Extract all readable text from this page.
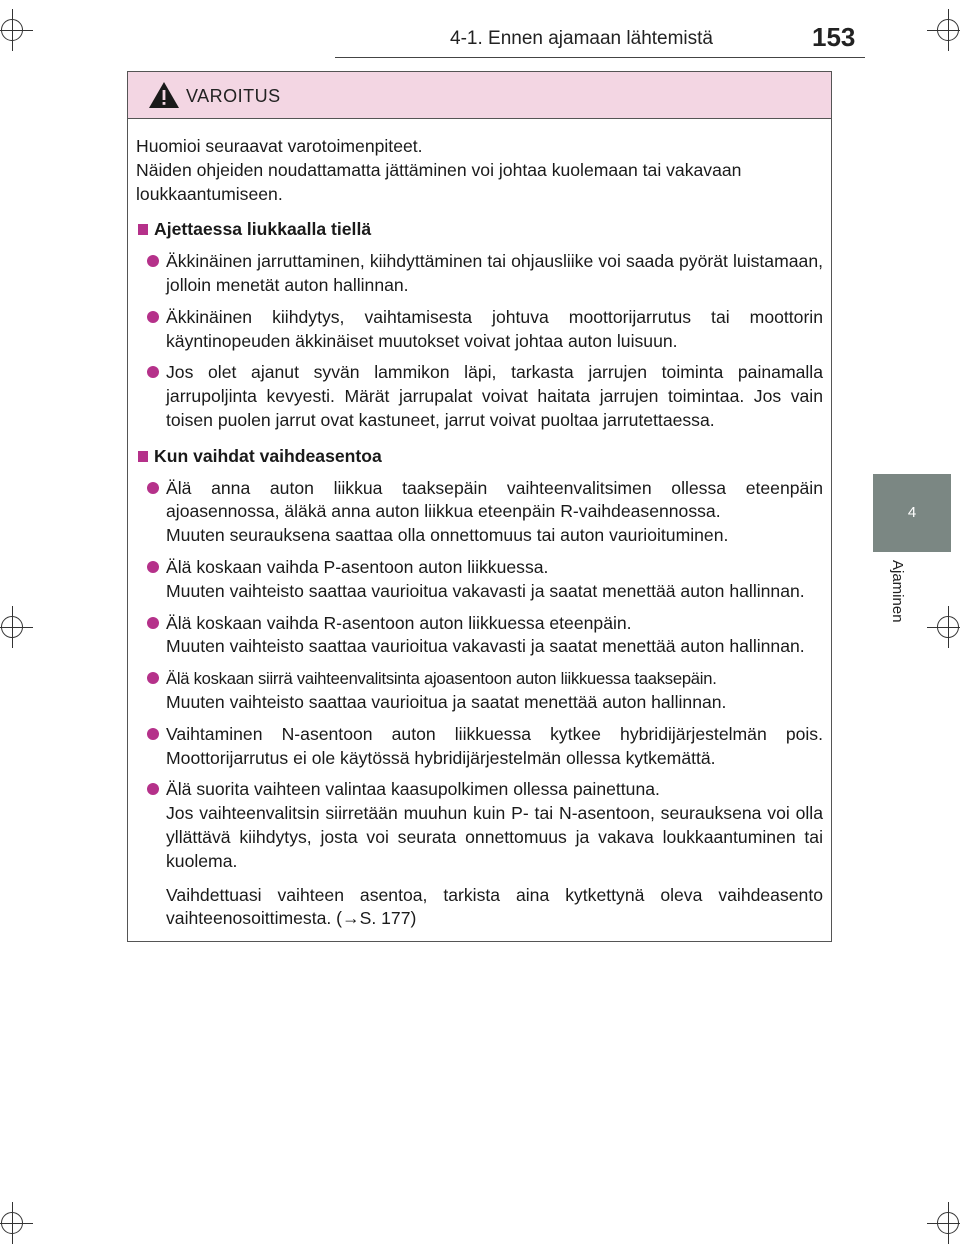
4-1. Ennen ajamaan lähtemistä	153
4
Ajaminen
VAROITUS

Huomioi seuraavat varotoimenpiteet.

Näiden ohjeiden noudattamatta jättäminen voi johtaa kuolemaan tai vakavaan loukkaantumiseen.

Ajettaessa liukkaalla tiellä

Äkkinäinen jarruttaminen, kiihdyttäminen tai ohjausliike voi saada pyörät luistamaan, jolloin menetät auton hallinnan.

Äkkinäinen kiihdytys, vaihtamisesta johtuva moottorijarrutus tai moottorin käyntinopeuden äkkinäiset muutokset voivat johtaa auton luisuun.

Jos olet ajanut syvän lammikon läpi, tarkasta jarrujen toiminta painamalla jarrupoljinta kevyesti. Märät jarrupalat voivat haitata jarrujen toimintaa. Jos vain toisen puolen jarrut ovat kastuneet, jarrut voivat puoltaa jarrutettaessa.

Kun vaihdat vaihdeasentoa

Älä anna auton liikkua taaksepäin vaihteenvalitsimen ollessa eteenpäin ajoasennossa, äläkä anna auton liikkua eteenpäin R-vaihdeasennossa.

Muuten seurauksena saattaa olla onnettomuus tai auton vaurioituminen.

Älä koskaan vaihda P-asentoon auton liikkuessa.

Muuten vaihteisto saattaa vaurioitua vakavasti ja saatat menettää auton hallinnan.

Älä koskaan vaihda R-asentoon auton liikkuessa eteenpäin.

Muuten vaihteisto saattaa vaurioitua vakavasti ja saatat menettää auton hallinnan.

Älä koskaan siirrä vaihteenvalitsinta ajoasentoon auton liikkuessa taaksepäin.

Muuten vaihteisto saattaa vaurioitua ja saatat menettää auton hallinnan.

Vaihtaminen N-asentoon auton liikkuessa kytkee hybridijärjestelmän pois. Moottorijarrutus ei ole käytössä hybridijärjestelmän ollessa kytkemättä.

Älä suorita vaihteen valintaa kaasupolkimen ollessa painettuna.

Jos vaihteenvalitsin siirretään muuhun kuin P- tai N-asentoon, seurauksena voi olla yllättävä kiihdytys, josta voi seurata onnettomuus ja vakava loukkaantuminen tai kuolema.

Vaihdettuasi vaihteen asentoa, tarkista aina kytkettynä oleva vaihdeasento vaihteenosoittimesta. (→S. 177)
